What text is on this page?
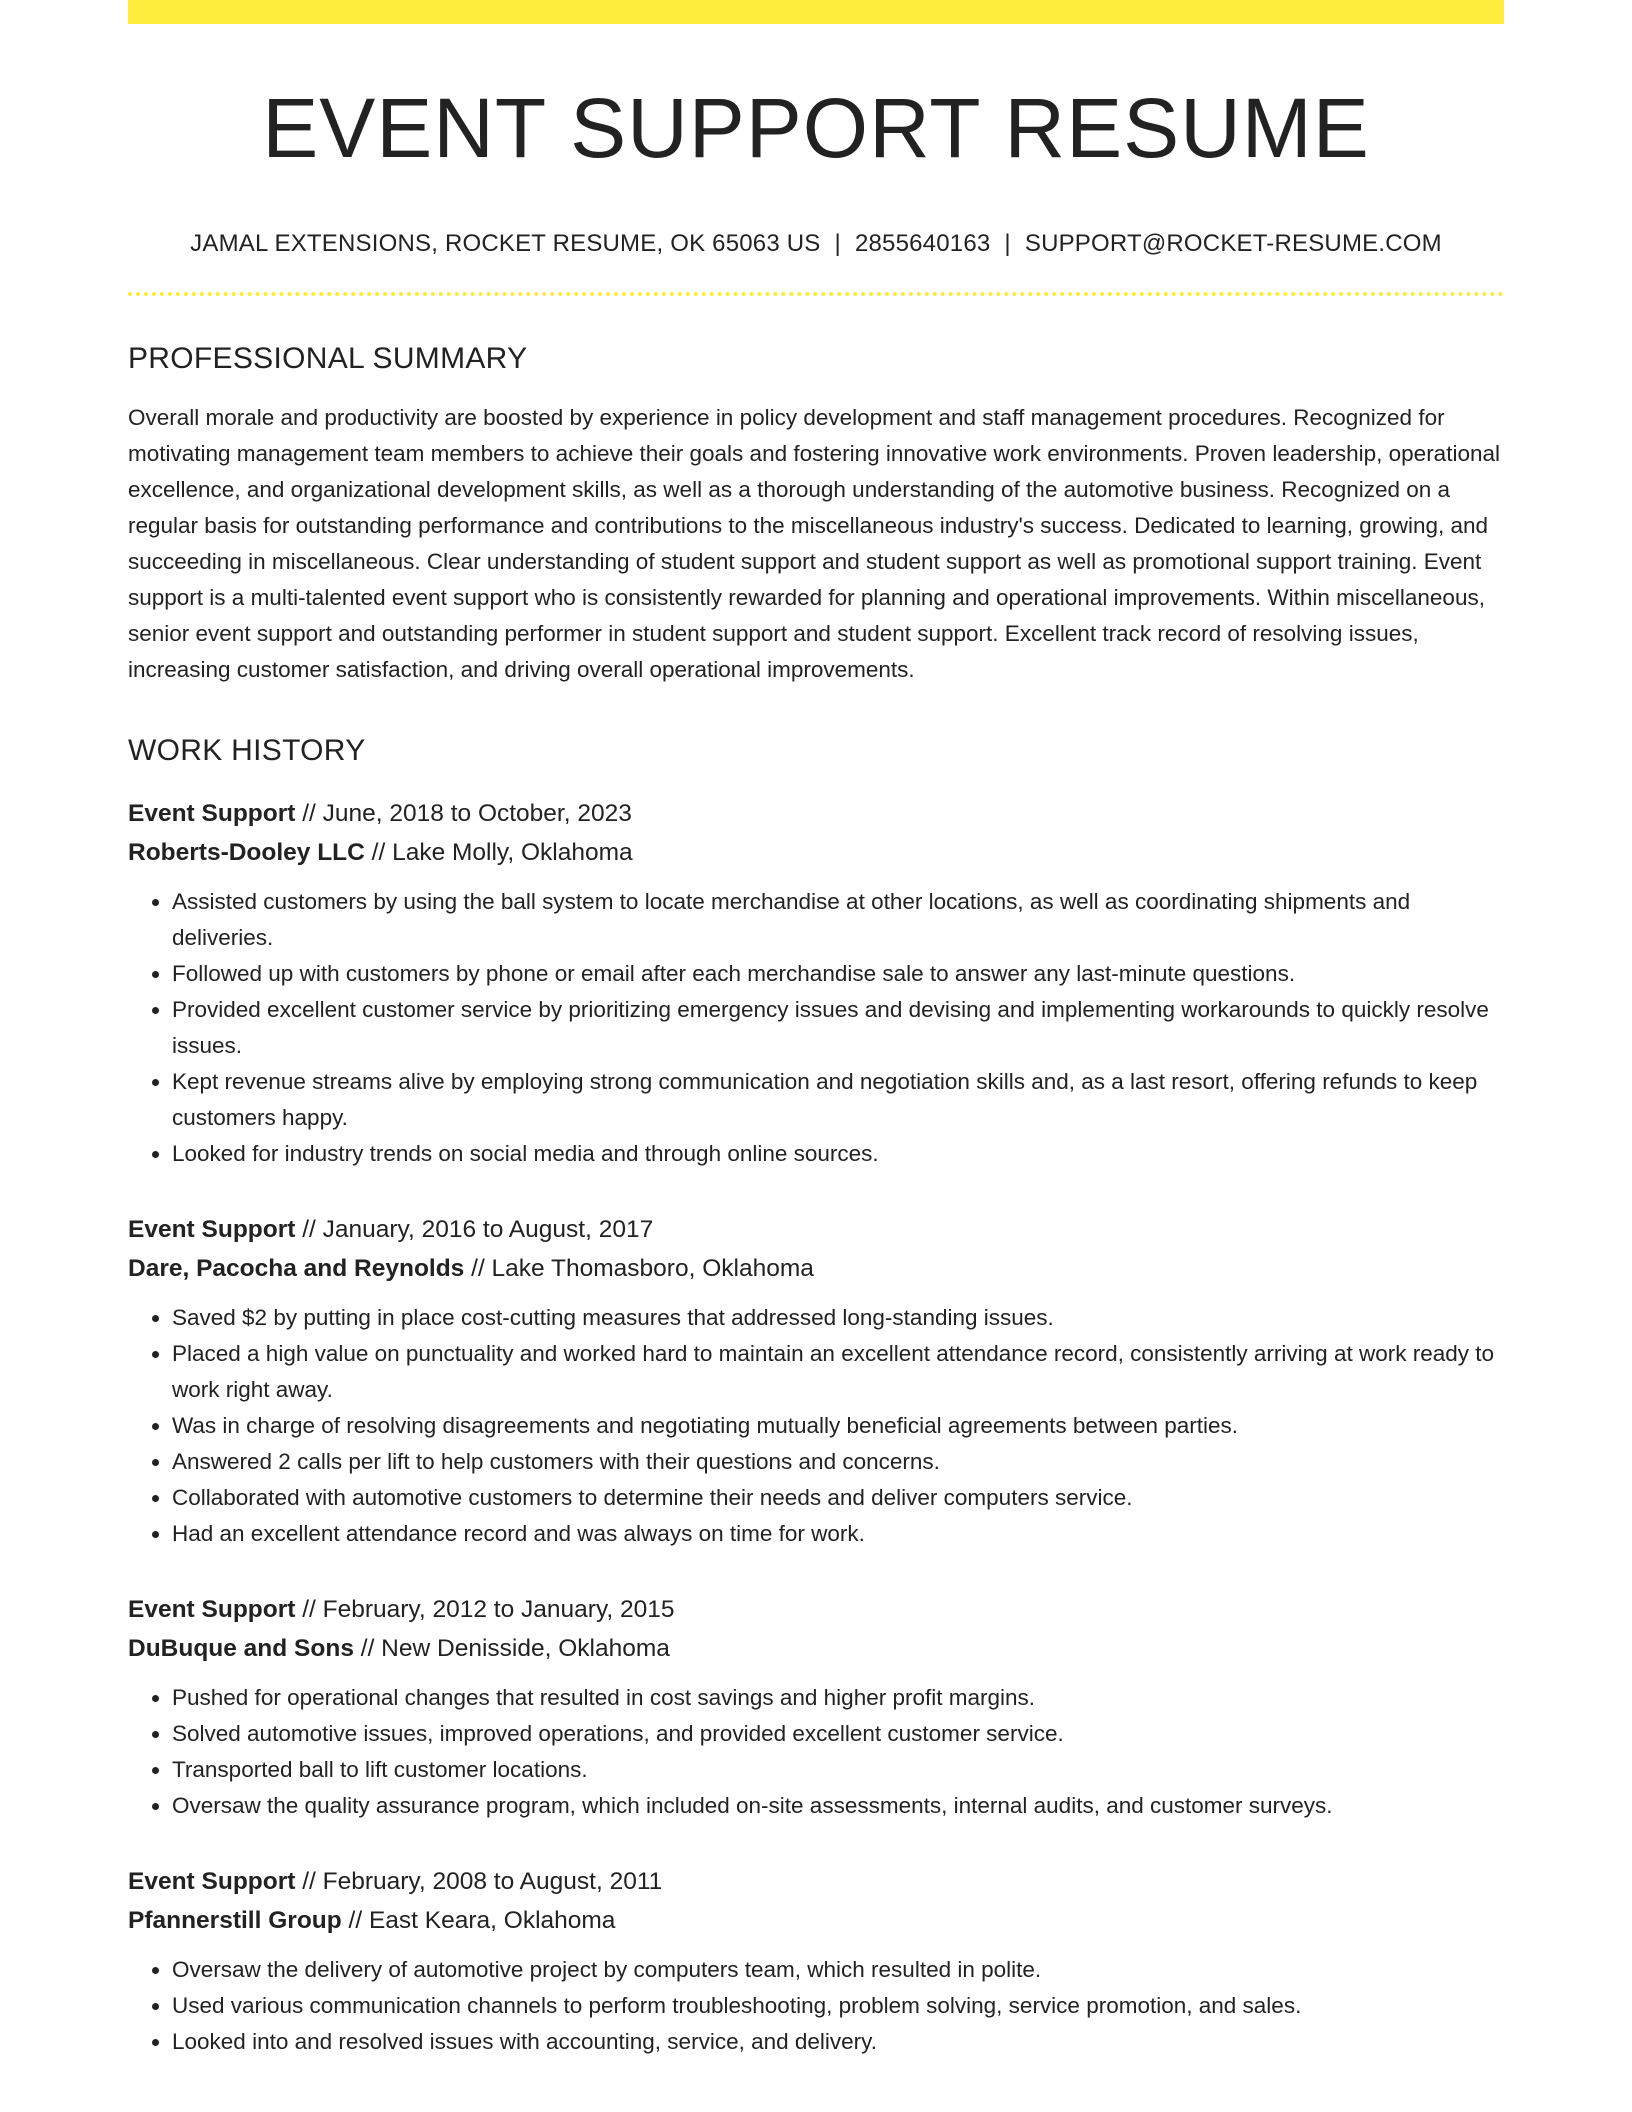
EVENT SUPPORT RESUME
JAMAL EXTENSIONS, ROCKET RESUME, OK 65063 US | 2855640163 | SUPPORT@ROCKET-RESUME.COM
PROFESSIONAL SUMMARY
Overall morale and productivity are boosted by experience in policy development and staff management procedures. Recognized for motivating management team members to achieve their goals and fostering innovative work environments. Proven leadership, operational excellence, and organizational development skills, as well as a thorough understanding of the automotive business. Recognized on a regular basis for outstanding performance and contributions to the miscellaneous industry's success. Dedicated to learning, growing, and succeeding in miscellaneous. Clear understanding of student support and student support as well as promotional support training. Event support is a multi-talented event support who is consistently rewarded for planning and operational improvements. Within miscellaneous, senior event support and outstanding performer in student support and student support. Excellent track record of resolving issues, increasing customer satisfaction, and driving overall operational improvements.
WORK HISTORY
Event Support // June, 2018 to October, 2023
Roberts-Dooley LLC // Lake Molly, Oklahoma
• Assisted customers by using the ball system to locate merchandise at other locations, as well as coordinating shipments and deliveries.
• Followed up with customers by phone or email after each merchandise sale to answer any last-minute questions.
• Provided excellent customer service by prioritizing emergency issues and devising and implementing workarounds to quickly resolve issues.
• Kept revenue streams alive by employing strong communication and negotiation skills and, as a last resort, offering refunds to keep customers happy.
• Looked for industry trends on social media and through online sources.
Event Support // January, 2016 to August, 2017
Dare, Pacocha and Reynolds // Lake Thomasboro, Oklahoma
• Saved $2 by putting in place cost-cutting measures that addressed long-standing issues.
• Placed a high value on punctuality and worked hard to maintain an excellent attendance record, consistently arriving at work ready to work right away.
• Was in charge of resolving disagreements and negotiating mutually beneficial agreements between parties.
• Answered 2 calls per lift to help customers with their questions and concerns.
• Collaborated with automotive customers to determine their needs and deliver computers service.
• Had an excellent attendance record and was always on time for work.
Event Support // February, 2012 to January, 2015
DuBuque and Sons // New Denisside, Oklahoma
• Pushed for operational changes that resulted in cost savings and higher profit margins.
• Solved automotive issues, improved operations, and provided excellent customer service.
• Transported ball to lift customer locations.
• Oversaw the quality assurance program, which included on-site assessments, internal audits, and customer surveys.
Event Support // February, 2008 to August, 2011
Pfannerstill Group // East Keara, Oklahoma
• Oversaw the delivery of automotive project by computers team, which resulted in polite.
• Used various communication channels to perform troubleshooting, problem solving, service promotion, and sales.
• Looked into and resolved issues with accounting, service, and delivery.
